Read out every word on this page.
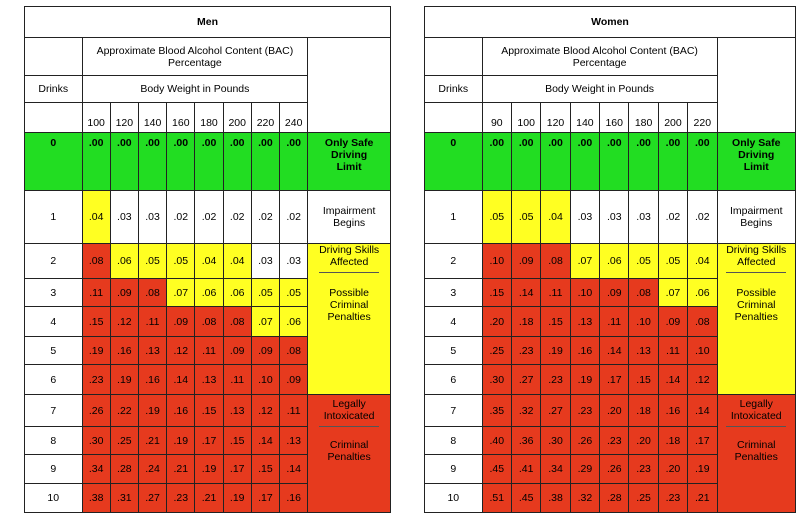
Men									

	Approximate Blood Alcohol Content (BAC)
Percentage								

Drinks	Body Weight in Pounds								
	100	120	140	160	180	200	220	240	
0	.00	.00	.00	.00	.00	.00	.00	.00	Only Safe
Driving
Limit

1	.04	.03	.03	.02	.02	.02	.02	.02	Impairment
Begins

2	.08	.06	.05	.05	.04	.04	.03	.03	Driving Skills
Affected
Possible
Criminal
Penalties

3	.11	.09	.08	.07	.06	.06	.05	.05	
4	.15	.12	.11	.09	.08	.08	.07	.06	
5	.19	.16	.13	.12	.11	.09	.09	.08	
6	.23	.19	.16	.14	.13	.11	.10	.09	
7	.26	.22	.19	.16	.15	.13	.12	.11	Legally
Intoxicated
Criminal
Penalties

8	.30	.25	.21	.19	.17	.15	.14	.13	
9	.34	.28	.24	.21	.19	.17	.15	.14	
10	.38	.31	.27	.23	.21	.19	.17	.16	
Women									

	Approximate Blood Alcohol Content (BAC)
Percentage								

Drinks	Body Weight in Pounds								
	90	100	120	140	160	180	200	220	
0	.00	.00	.00	.00	.00	.00	.00	.00	Only Safe
Driving
Limit

1	.05	.05	.04	.03	.03	.03	.02	.02	Impairment
Begins

2	.10	.09	.08	.07	.06	.05	.05	.04	Driving Skills
Affected
Possible
Criminal
Penalties

3	.15	.14	.11	.10	.09	.08	.07	.06	
4	.20	.18	.15	.13	.11	.10	.09	.08	
5	.25	.23	.19	.16	.14	.13	.11	.10	
6	.30	.27	.23	.19	.17	.15	.14	.12	
7	.35	.32	.27	.23	.20	.18	.16	.14	Legally
Intoxicated
Criminal
Penalties

8	.40	.36	.30	.26	.23	.20	.18	.17	
9	.45	.41	.34	.29	.26	.23	.20	.19	
10	.51	.45	.38	.32	.28	.25	.23	.21	
